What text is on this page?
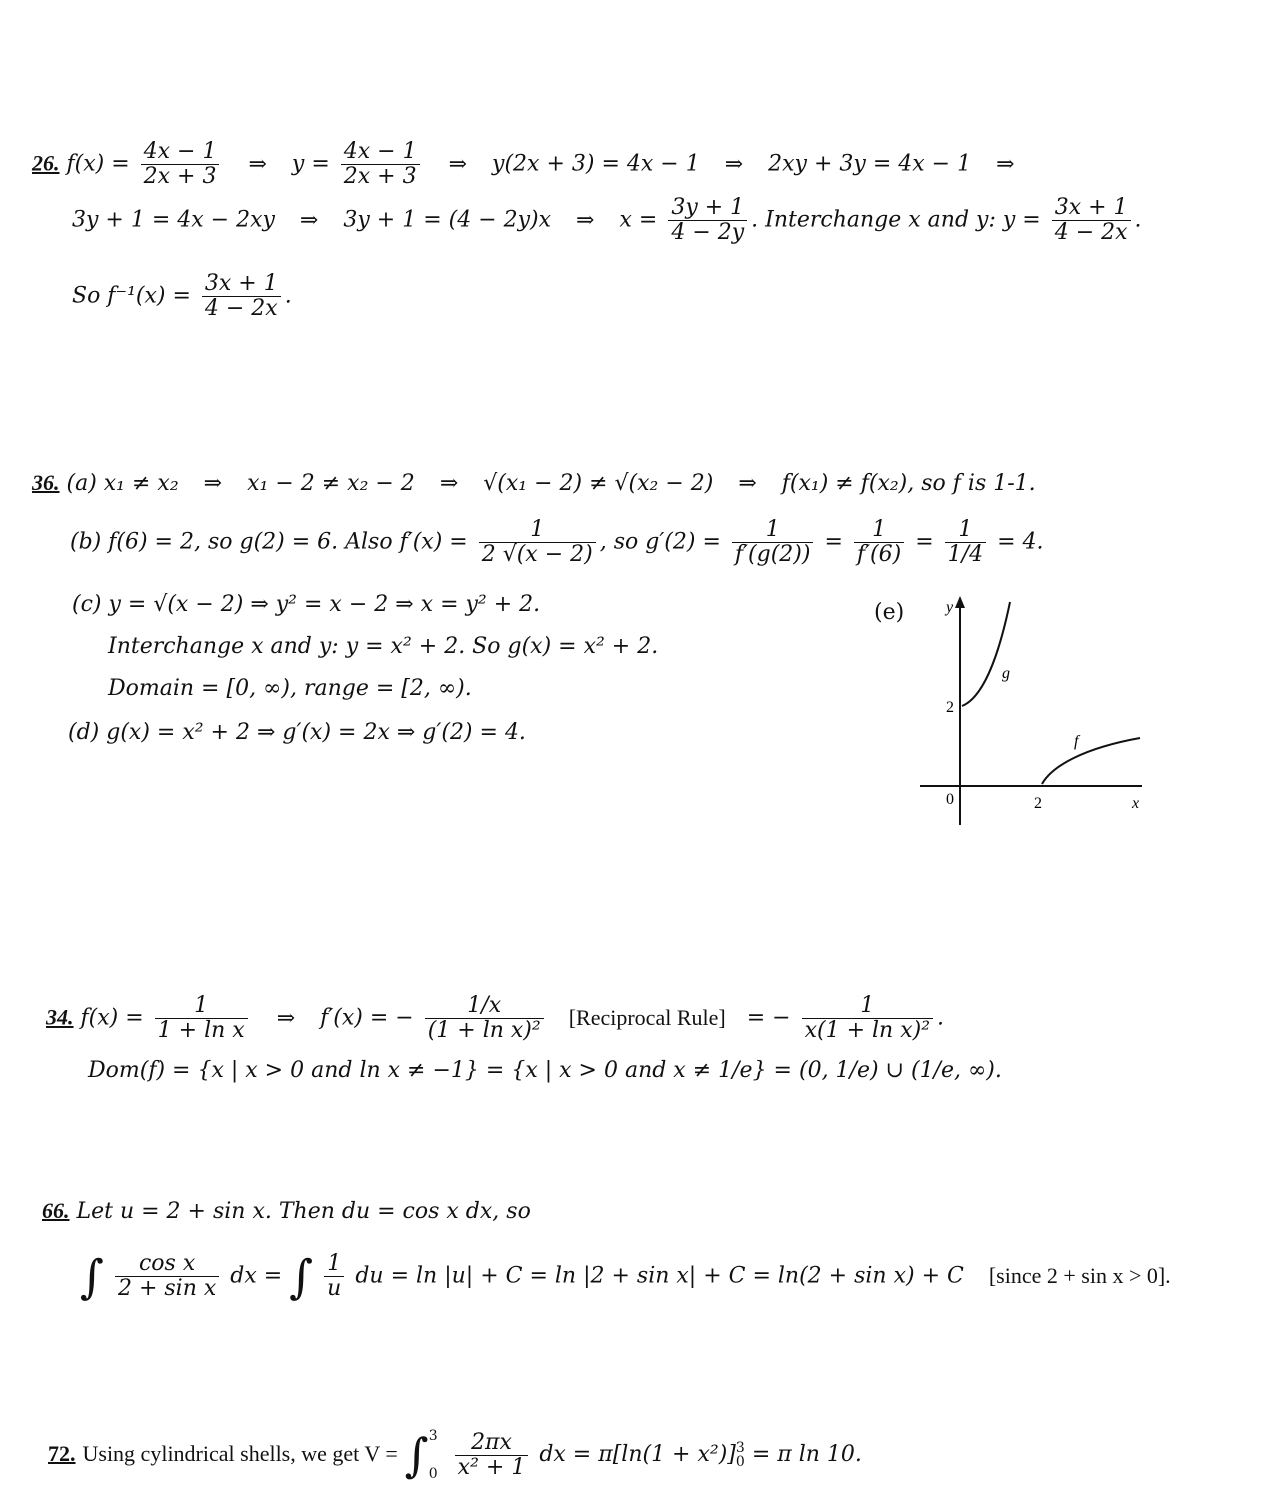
26. $f(x) = \frac{4x - 1}{2x + 3}$ ⇒ $y = \frac{4x - 1}{2x + 3}$ ⇒ y(2x + 3) = 4x − 1 ⇒ 2xy + 3y = 4x − 1 ⇒
3y + 1 = 4x − 2xy ⇒ 3y + 1 = (4 − 2y)x ⇒ $x = \frac{3y + 1}{4 - 2y}$ . Interchange x and y: $y = \frac{3x + 1}{4 - 2x}$ .
So $f^{-1}(x) = \frac{3x + 1}{4 - 2x}$ .
36. (a) x₁ ≠ x₂ ⇒ x₁ − 2 ≠ x₂ − 2 ⇒ √(x₁ − 2) ≠ √(x₂ − 2) ⇒ f(x₁) ≠ f(x₂), so f is 1-1.
(b) f(6) = 2, so g(2) = 6. Also $f'(x) = \frac{1}{2 √(x - 2)}$ , so $g'(2) = \frac{1}{f'(g(2))} = \frac{1}{f'(6)} = \frac{1}{1/4} = 4$.
(c) y = √(x − 2) ⇒ y² = x − 2 ⇒ x = y² + 2.
Interchange x and y: y = x² + 2. So g(x) = x² + 2.
Domain = [0, ∞), range = [2, ∞).
(d) g(x) = x² + 2 ⇒ g′(x) = 2x ⇒ g′(2) = 4.
(e)	y
x
0
2
2
g
f
34. $f(x) = \frac{1}{\text{1 + ln x}}$ ⇒ f′(x) = − $\frac{1/x}{\text{(1 + ln x)²}}$ [Reciprocal Rule] = − $\frac{1}{\text{x(1 + ln x)²}}$ .
Dom(f) = {x | x > 0 and ln x ≠ −1} = {x | x > 0 and x ≠ 1/e} = (0, 1/e) ∪ (1/e, ∞).
66. Let u = 2 + sin x. Then du = cos x dx, so
∫ $\frac{\text{cos x}}{\text{2 + sin x}}$ dx = ∫ $\frac{1}{u}$ du = ln |u| + C = ln |2 + sin x| + C = ln(2 + sin x) + C [since 2 + sin x > 0].
72. Using cylindrical shells, we get V = ∫ 3
0
$\frac{2\pi x}{\text{x² + 1}}$ dx = π[ln(1 + x²)] 3
0 = π ln 10.
